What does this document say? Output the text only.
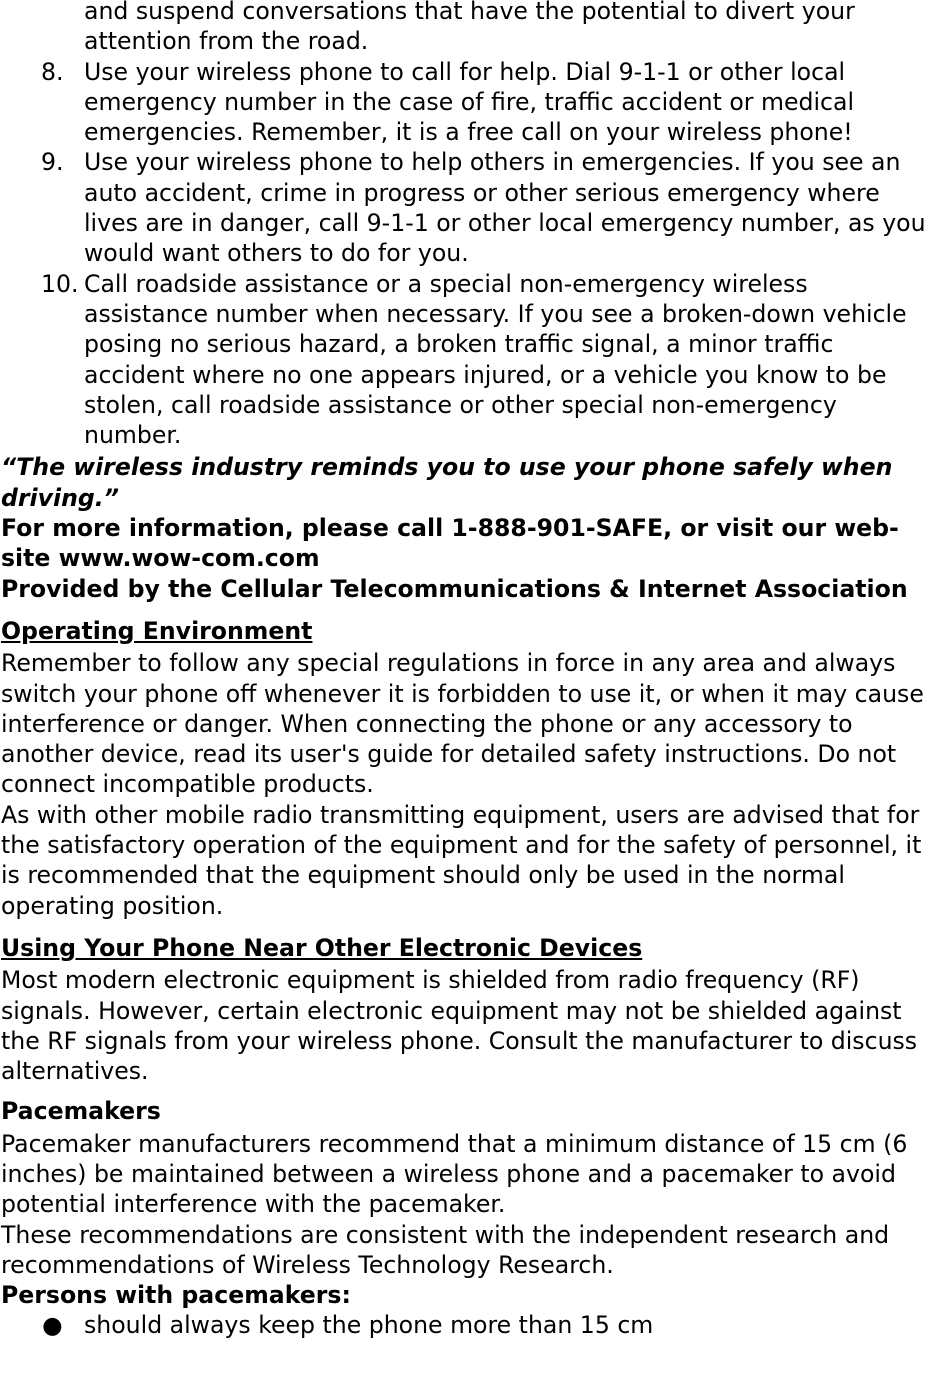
and suspend conversations that have the potential to divert your attention from the road.
8. Use your wireless phone to call for help. Dial 9-1-1 or other local emergency number in the case of fire, traffic accident or medical emergencies. Remember, it is a free call on your wireless phone!
9. Use your wireless phone to help others in emergencies. If you see an auto accident, crime in progress or other serious emergency where lives are in danger, call 9-1-1 or other local emergency number, as you would want others to do for you.
10. Call roadside assistance or a special non-emergency wireless assistance number when necessary. If you see a broken-down vehicle posing no serious hazard, a broken traffic signal, a minor traffic accident where no one appears injured, or a vehicle you know to be stolen, call roadside assistance or other special non-emergency number.

“The wireless industry reminds you to use your phone safely when driving.”

For more information, please call 1-888-901-SAFE, or visit our web-site www.wow-com.com

Provided by the Cellular Telecommunications & Internet Association

Operating Environment

Remember to follow any special regulations in force in any area and always switch your phone off whenever it is forbidden to use it, or when it may cause interference or danger. When connecting the phone or any accessory to another device, read its user's guide for detailed safety instructions. Do not connect incompatible products.

As with other mobile radio transmitting equipment, users are advised that for the satisfactory operation of the equipment and for the safety of personnel, it is recommended that the equipment should only be used in the normal operating position.

Using Your Phone Near Other Electronic Devices

Most modern electronic equipment is shielded from radio frequency (RF) signals. However, certain electronic equipment may not be shielded against the RF signals from your wireless phone. Consult the manufacturer to discuss alternatives.

Pacemakers

Pacemaker manufacturers recommend that a minimum distance of 15 cm (6 inches) be maintained between a wireless phone and a pacemaker to avoid potential interference with the pacemaker.

These recommendations are consistent with the independent research and recommendations of Wireless Technology Research.

Persons with pacemakers:

● should always keep the phone more than 15 cm
